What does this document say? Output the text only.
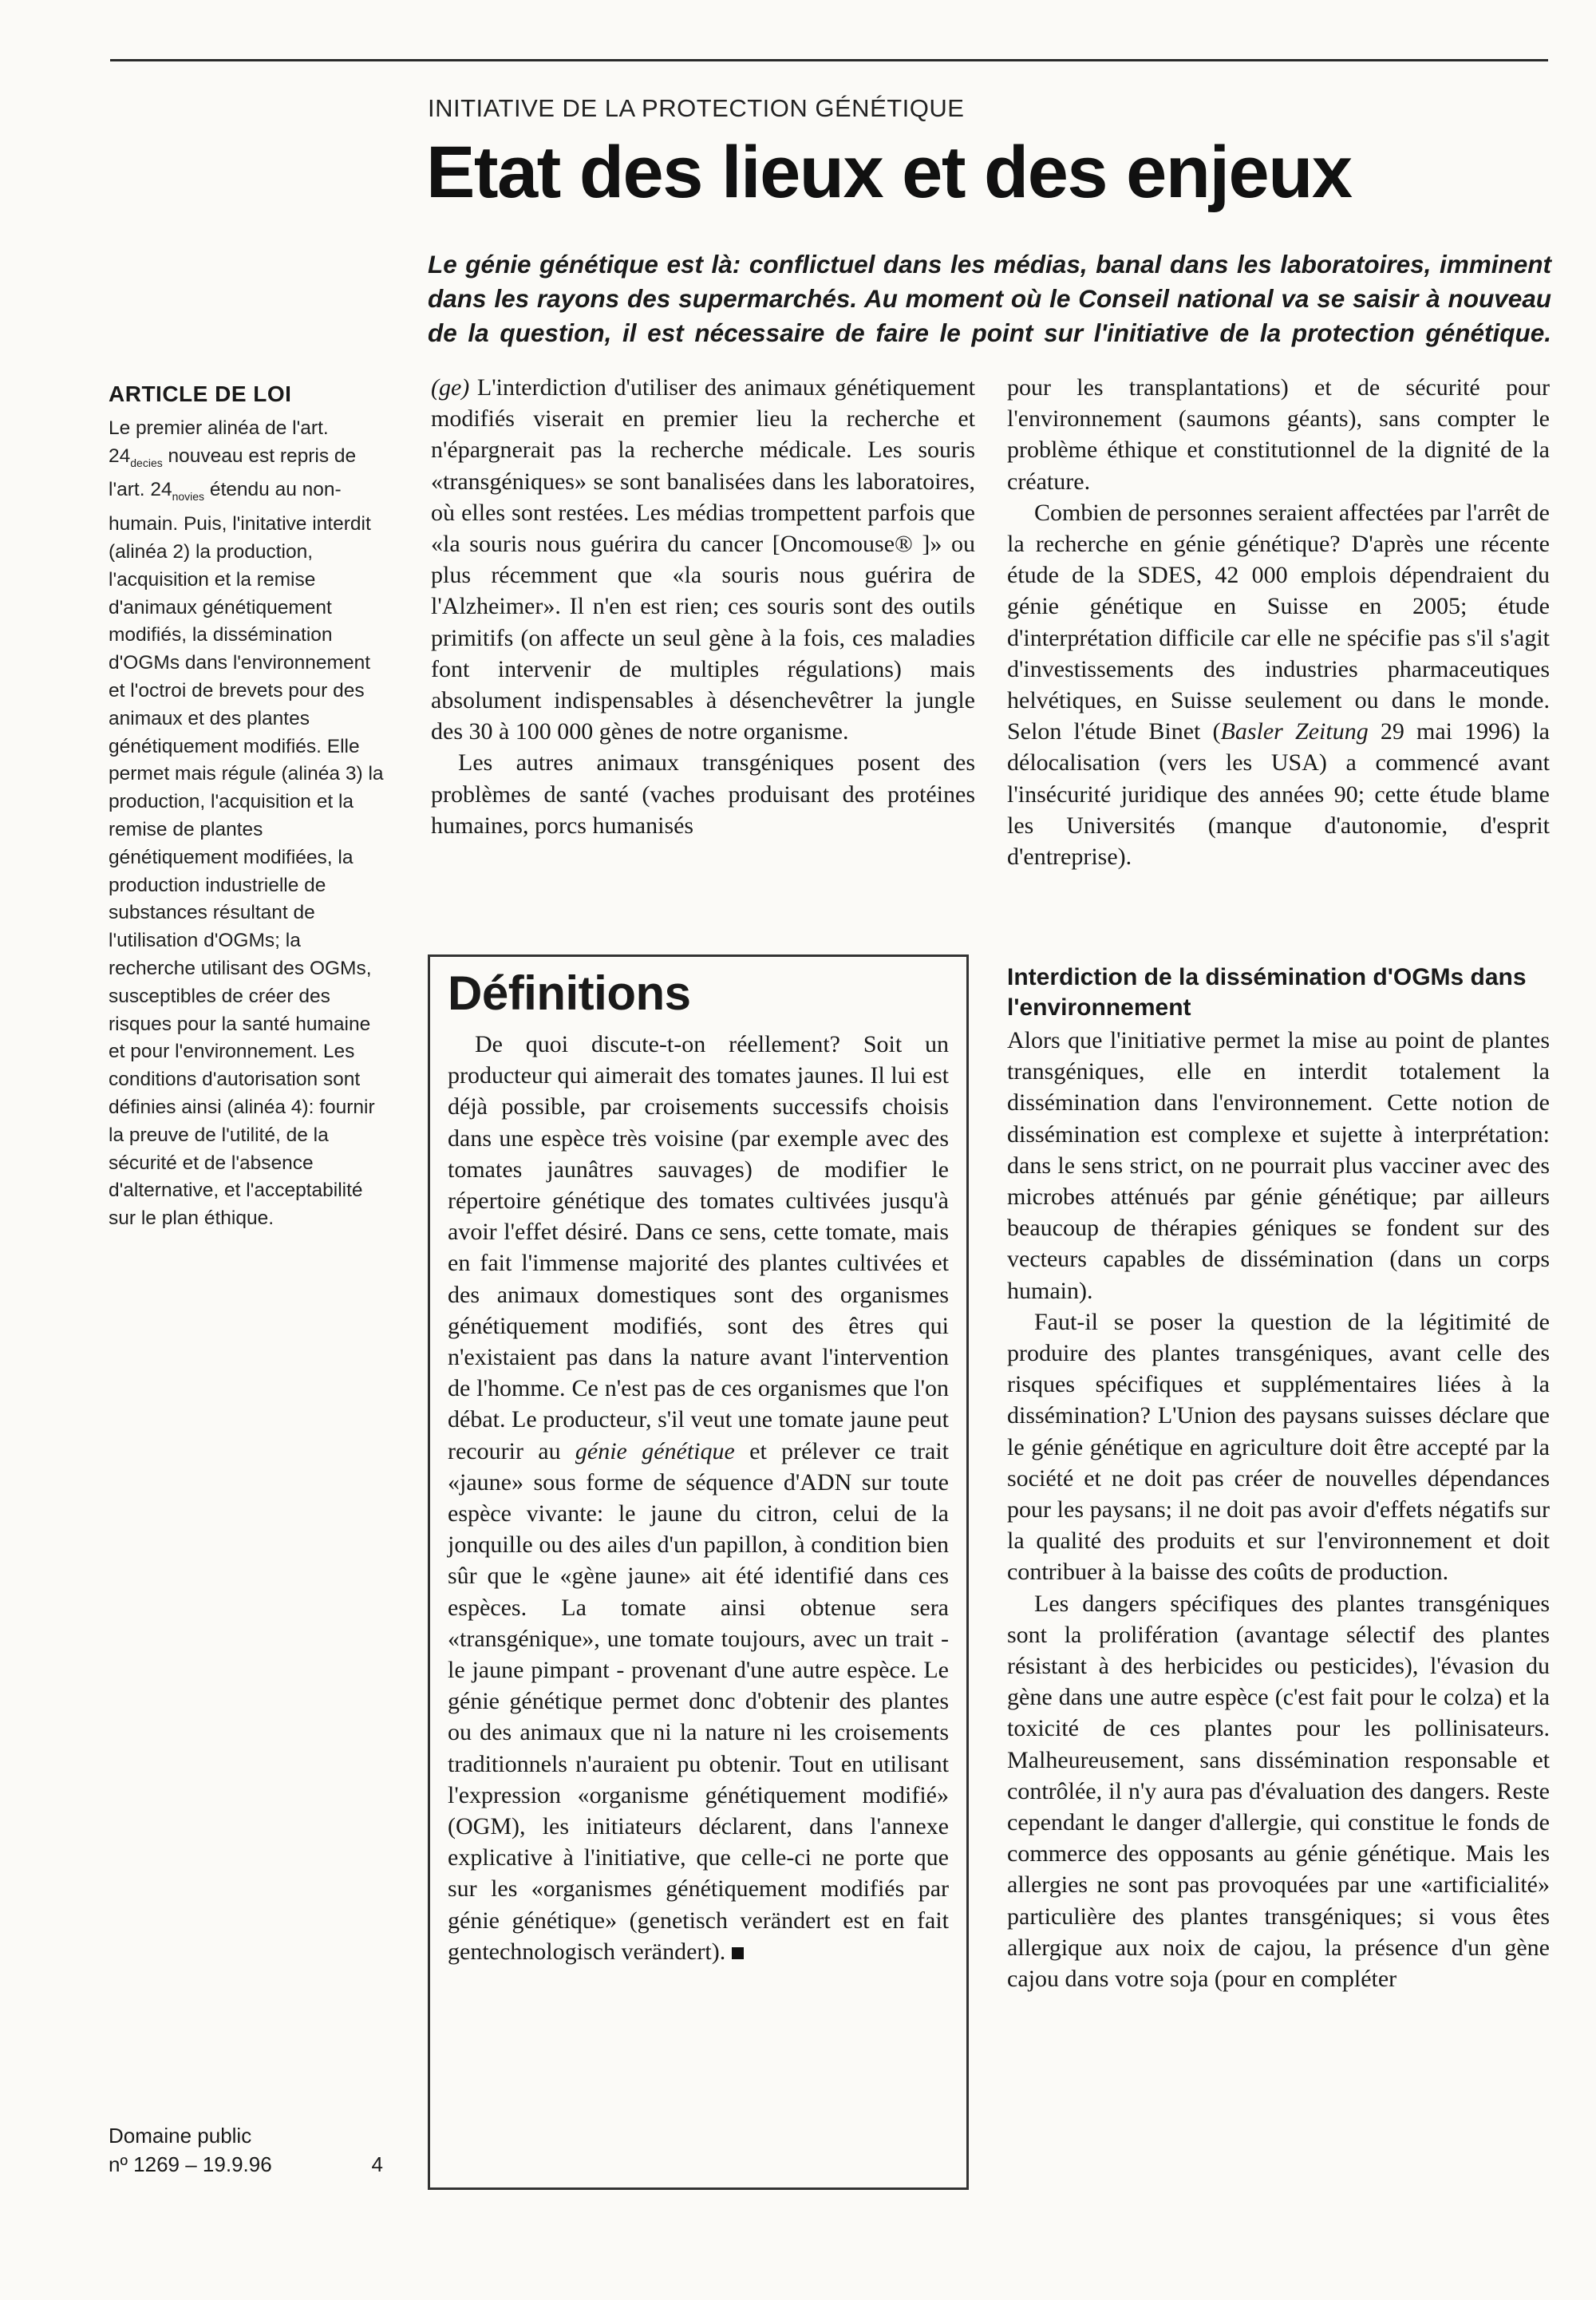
INITIATIVE DE LA PROTECTION GÉNÉTIQUE
Etat des lieux et des enjeux
Le génie génétique est là: conflictuel dans les médias, banal dans les laboratoires, imminent dans les rayons des supermarchés. Au moment où le Conseil national va se saisir à nouveau de la question, il est nécessaire de faire le point sur l'initiative de la protection génétique.
ARTICLE DE LOI

Le premier alinéa de l'art. $24_{decies}$ nouveau est repris de l'art. $24_{novies}$ étendu au non-humain. Puis, l'initative interdit (alinéa 2) la production, l'acquisition et la remise d'animaux génétiquement modifiés, la dissémination d'OGMs dans l'environnement et l'octroi de brevets pour des animaux et des plantes génétiquement modifiés. Elle permet mais régule (alinéa 3) la production, l'acquisition et la remise de plantes génétiquement modifiées, la production industrielle de substances résultant de l'utilisation d'OGMs; la recherche utilisant des OGMs, susceptibles de créer des risques pour la santé humaine et pour l'environnement. Les conditions d'autorisation sont définies ainsi (alinéa 4): fournir la preuve de l'utilité, de la sécurité et de l'absence d'alternative, et l'acceptabilité sur le plan éthique.

Domaine public
nº 1269 – 19.9.96	4

(ge) L'interdiction d'utiliser des animaux génétiquement modifiés viserait en premier lieu la recherche et n'épargnerait pas la recherche médicale. Les souris «transgéniques» se sont banalisées dans les laboratoires, où elles sont restées. Les médias trompettent parfois que «la souris nous guérira du cancer [Oncomouse® ]» ou plus récemment que «la souris nous guérira de l'Alzheimer». Il n'en est rien; ces souris sont des outils primitifs (on affecte un seul gène à la fois, ces maladies font intervenir de multiples régulations) mais absolument indispensables à désenchevêtrer la jungle des 30 à 100 000 gènes de notre organisme.

Les autres animaux transgéniques posent des problèmes de santé (vaches produisant des protéines humaines, porcs humanisés

pour les transplantations) et de sécurité pour l'environnement (saumons géants), sans compter le problème éthique et constitutionnel de la dignité de la créature.

Combien de personnes seraient affectées par l'arrêt de la recherche en génie génétique? D'après une récente étude de la SDES, 42 000 emplois dépendraient du génie génétique en Suisse en 2005; étude d'interprétation difficile car elle ne spécifie pas s'il s'agit d'investissements des industries pharmaceutiques helvétiques, en Suisse seulement ou dans le monde. Selon l'étude Binet (Basler Zeitung 29 mai 1996) la délocalisation (vers les USA) a commencé avant l'insécurité juridique des années 90; cette étude blame les Universités (manque d'autonomie, d'esprit d'entreprise).

Interdiction de la dissémination d'OGMs dans l'environnement

Alors que l'initiative permet la mise au point de plantes transgéniques, elle en interdit totalement la dissémination dans l'environnement. Cette notion de dissémination est complexe et sujette à interprétation: dans le sens strict, on ne pourrait plus vacciner avec des microbes atténués par génie génétique; par ailleurs beaucoup de thérapies géniques se fondent sur des vecteurs capables de dissémination (dans un corps humain).

Faut-il se poser la question de la légitimité de produire des plantes transgéniques, avant celle des risques spécifiques et supplémentaires liées à la dissémination? L'Union des paysans suisses déclare que le génie génétique en agriculture doit être accepté par la société et ne doit pas créer de nouvelles dépendances pour les paysans; il ne doit pas avoir d'effets négatifs sur la qualité des produits et sur l'environnement et doit contribuer à la baisse des coûts de production.

Les dangers spécifiques des plantes transgéniques sont la prolifération (avantage sélectif des plantes résistant à des herbicides ou pesticides), l'évasion du gène dans une autre espèce (c'est fait pour le colza) et la toxicité de ces plantes pour les pollinisateurs. Malheureusement, sans dissémination responsable et contrôlée, il n'y aura pas d'évaluation des dangers. Reste cependant le danger d'allergie, qui constitue le fonds de commerce des opposants au génie génétique. Mais les allergies ne sont pas provoquées par une «artificialité» particulière des plantes transgéniques; si vous êtes allergique aux noix de cajou, la présence d'un gène cajou dans votre soja (pour en compléter

Définitions
De quoi discute-t-on réellement? Soit un producteur qui aimerait des tomates jaunes. Il lui est déjà possible, par croisements successifs choisis dans une espèce très voisine (par exemple avec des tomates jaunâtres sauvages) de modifier le répertoire génétique des tomates cultivées jusqu'à avoir l'effet désiré. Dans ce sens, cette tomate, mais en fait l'immense majorité des plantes cultivées et des animaux domestiques sont des organismes génétiquement modifiés, sont des êtres qui n'existaient pas dans la nature avant l'intervention de l'homme. Ce n'est pas de ces organismes que l'on débat. Le producteur, s'il veut une tomate jaune peut recourir au génie génétique et prélever ce trait «jaune» sous forme de séquence d'ADN sur toute espèce vivante: le jaune du citron, celui de la jonquille ou des ailes d'un papillon, à condition bien sûr que le «gène jaune» ait été identifié dans ces espèces. La tomate ainsi obtenue sera «transgénique», une tomate toujours, avec un trait - le jaune pimpant - provenant d'une autre espèce. Le génie génétique permet donc d'obtenir des plantes ou des animaux que ni la nature ni les croisements traditionnels n'auraient pu obtenir. Tout en utilisant l'expression «organisme génétiquement modifié» (OGM), les initiateurs déclarent, dans l'annexe explicative à l'initiative, que celle-ci ne porte que sur les «organismes génétiquement modifiés par génie génétique» (genetisch verändert est en fait gentechnologisch verändert).
